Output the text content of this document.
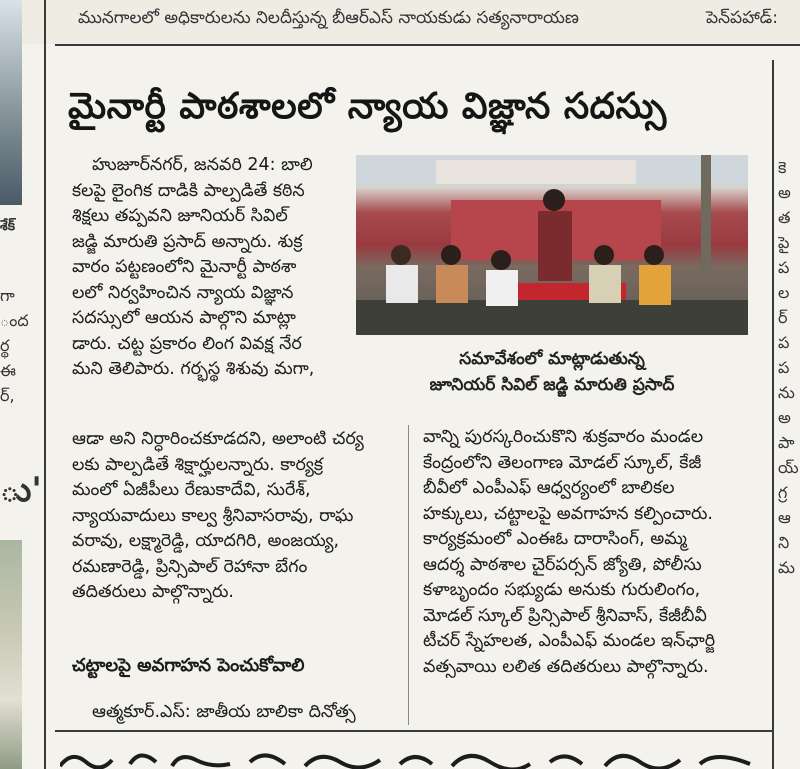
మునగాలలో అధికారులను నిలదీస్తున్న బీఆర్ఎస్ నాయకుడు సత్యనారాయణ	పెన్‌పహాడ్:
శేక్
గా
ంద
ర్థ
ఈ
ర్,
ు'
మైనార్టీ పాఠశాలలో న్యాయ విజ్ఞాన సదస్సు
సమావేశంలో మాట్లాడుతున్న
జూనియర్ సివిల్ జడ్జి మారుతి ప్రసాద్
హుజూర్‌నగర్, జనవరి 24: బాలి
కలపై లైంగిక దాడికి పాల్పడితే కఠిన
శిక్షలు తప్పవని జూనియర్ సివిల్
జడ్జి మారుతి ప్రసాద్ అన్నారు. శుక్ర
వారం పట్టణంలోని మైనార్టీ పాఠశా
లలో నిర్వహించిన న్యాయ విజ్ఞాన
సదస్సులో ఆయన పాల్గొని మాట్లా
డారు. చట్ట ప్రకారం లింగ వివక్ష నేర
మని తెలిపారు. గర్భస్థ శిశువు మగా,
ఆడా అని నిర్ధారించకూడదని, అలాంటి చర్య
లకు పాల్పడితే శిక్షార్హులన్నారు. కార్యక్ర
మంలో ఏజీపీలు రేణుకాదేవి, సురేశ్,
న్యాయవాదులు కాల్వ శ్రీనివాసరావు, రాఘ
వరావు, లక్ష్మారెడ్డి, యాదగిరి, అంజయ్య,
రమణారెడ్డి, ప్రిన్సిపాల్ రెహానా బేగం
తదితరులు పాల్గొన్నారు.
చట్టాలపై అవగాహన పెంచుకోవాలి
ఆత్మకూర్.ఎస్: జాతీయ బాలికా దినోత్స
వాన్ని పురస్కరించుకొని శుక్రవారం మండల
కేంద్రంలోని తెలంగాణ మోడల్ స్కూల్, కేజీ
బీవీలో ఎంపీఎఫ్ ఆధ్వర్యంలో బాలికల
హక్కులు, చట్టాలపై అవగాహన కల్పించారు.
కార్యక్రమంలో ఎంఈఓ దారాసింగ్, అమ్మ
ఆదర్శ పాఠశాల చైర్‌పర్సన్ జ్యోతి, పోలీసు
కళాబృందం సభ్యుడు అనుకు గురులింగం,
మోడల్ స్కూల్ ప్రిన్సిపాల్ శ్రీనివాస్, కేజీబీవీ
టీచర్ స్నేహలత, ఎంపీఎఫ్ మండల ఇన్‌ఛార్జి
వత్సవాయి లలిత తదితరులు పాల్గొన్నారు.
కె
అ
త
పై
ప
ల
ర్
ప
ప
ను
అ
పా
య్
గ్ర
ఆ
ని
మ
